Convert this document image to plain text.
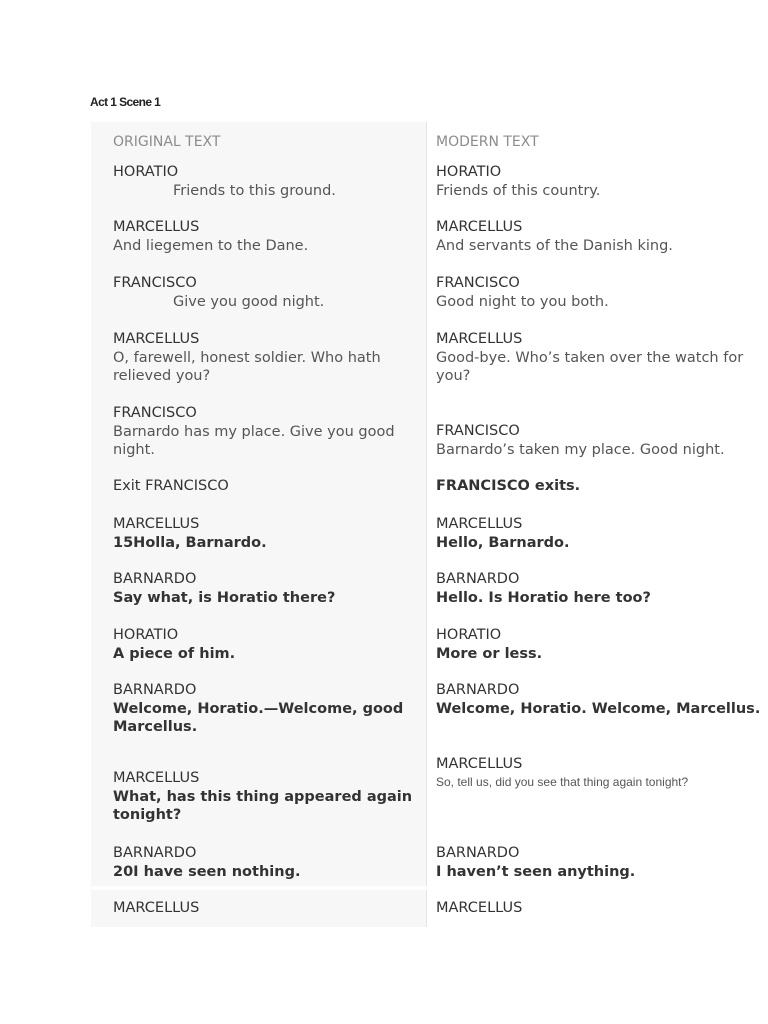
Act 1 Scene 1
ORIGINAL TEXT	MODERN TEXT
HORATIO
Friends to this ground.
MARCELLUS
And liegemen to the Dane.
FRANCISCO
Give you good night.
MARCELLUS
O, farewell, honest soldier. Who hath relieved you?
FRANCISCO
Barnardo has my place. Give you good night.
Exit FRANCISCO
MARCELLUS
15Holla, Barnardo.
BARNARDO
Say what, is Horatio there?
HORATIO
A piece of him.
BARNARDO
Welcome, Horatio.—Welcome, good Marcellus.
MARCELLUS
What, has this thing appeared again tonight?
BARNARDO
20I have seen nothing.
MARCELLUS
HORATIO
Friends of this country.
MARCELLUS
And servants of the Danish king.
FRANCISCO
Good night to you both.
MARCELLUS
Good-bye. Who’s taken over the watch for you?
FRANCISCO
Barnardo’s taken my place. Good night.
FRANCISCO exits.
MARCELLUS
Hello, Barnardo.
BARNARDO
Hello. Is Horatio here too?
HORATIO
More or less.
BARNARDO
Welcome, Horatio. Welcome, Marcellus.
MARCELLUS
So, tell us, did you see that thing again tonight?
BARNARDO
I haven’t seen anything.
MARCELLUS
